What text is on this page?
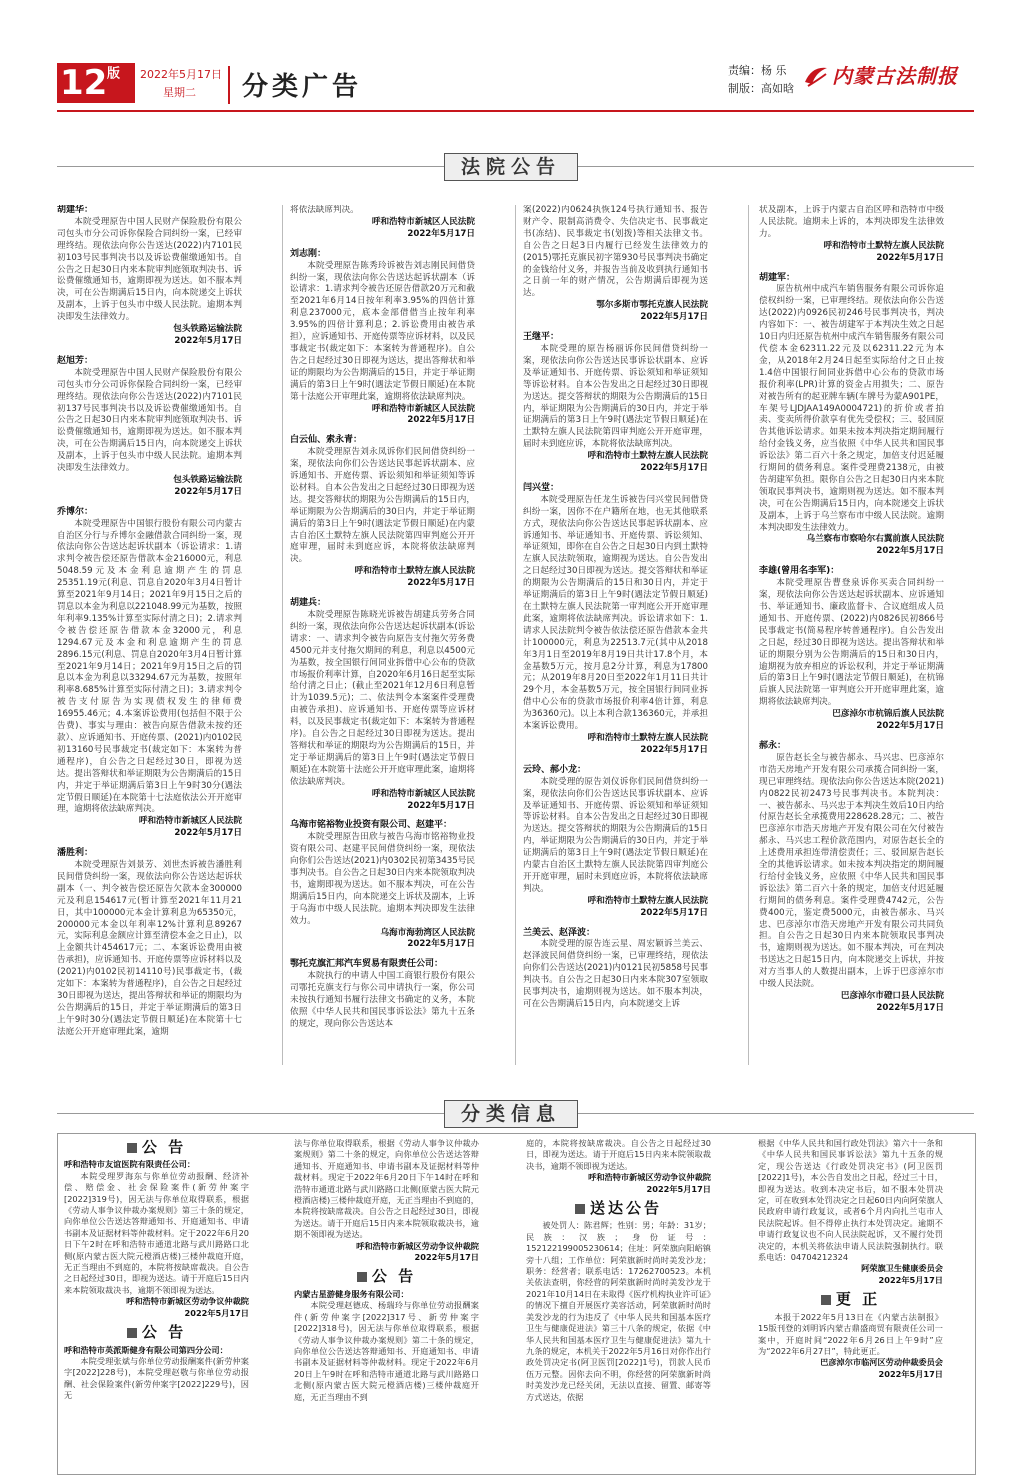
12
版 2022年5月17日
星期二 分类广告
责编：杨 乐
制版：高如晗
内蒙古法制报
法院公告
胡建华：
本院受理原告中国人民财产保险股份有限公司包头市分公司诉你保险合同纠纷一案，已经审理终结。现依法向你公告送达(2022)内7101民初103号民事判决书以及诉讼费催缴通知书。自公告之日起30日内来本院审判庭领取判决书、诉讼费催缴通知书，逾期即视为送达。如不服本判决，可在公告期满后15日内，向本院递交上诉状及副本，上诉于包头市中级人民法院。逾期本判决即发生法律效力。
包头铁路运输法院
2022年5月17日
赵旭芳：
本院受理原告中国人民财产保险股份有限公司包头市分公司诉你保险合同纠纷一案，已经审理终结。现依法向你公告送达(2022)内7101民初137号民事判决书以及诉讼费催缴通知书。自公告之日起30日内来本院审判庭领取判决书、诉讼费催缴通知书，逾期即视为送达。如不服本判决，可在公告期满后15日内，向本院递交上诉状及副本，上诉于包头市中级人民法院。逾期本判决即发生法律效力。
包头铁路运输法院
2022年5月17日
乔博尔：
本院受理原告中国银行股份有限公司内蒙古自治区分行与乔博尔金融借款合同纠纷一案，现依法向你公告送达起诉状副本（诉讼请求：1.请求判令被告偿还原告借款本金216000元，利息5048.59元及本金利息逾期产生的罚息25351.19元(利息、罚息自2020年3月4日暂计算至2021年9月14日；2021年9月15日之后的罚息以本金为利息以221048.99元为基数，按照年利率9.135%计算至实际付清之日)；2.请求判令被告偿还原告借款本金32000元，利息1294.67元及本金和利息逾期产生的罚息2896.15元(利息、罚息自2020年3月4日暂计算至2021年9月14日；2021年9月15日之后的罚息以本金为利息以33294.67元为基数，按照年利率8.685%计算至实际付清之日)；3.请求判令被告支付原告为实现债权发生的律师费16955.46元；4.本案诉讼费用(包括但不限于公告费)、事实与理由：被告向原告借款未按约还款）、应诉通知书、开庭传票、(2021)内0102民初13160号民事裁定书(裁定如下：本案转为普通程序)，自公告之日起经过30日，即视为送达。提出答辩状和举证期限为公告期满后的15日内，并定于举证期满后第3日上午9时30分(遇法定节假日顺延)在本院第十七法庭依法公开开庭审理，逾期将依法缺席判决。
呼和浩特市新城区人民法院
2022年5月17日
潘胜利：
本院受理原告刘景芳、刘世杰诉被告潘胜利民间借贷纠纷一案，现依法向你公告送达起诉状副本（一、判令被告偿还原告欠款本金300000元及利息154617元(暂计算至2021年11月21日，其中100000元本金计算利息为65350元，200000元本金以年利率12%计算利息89267元，实际利息金额应计算至清偿本金之日止)，以上金额共计454617元；二、本案诉讼费用由被告承担)，应诉通知书、开庭传票等应诉材料以及(2021)内0102民初14110号)民事裁定书，(裁定如下：本案转为普通程序)，自公告之日起经过30日即视为送达，提出答辩状和举证的期限均为公告期满后的15日，并定于举证期满后的第3日上午9时30分(遇法定节假日顺延)在本院第十七法庭公开开庭审理此案，逾期
将依法缺席判决。
呼和浩特市新城区人民法院
2022年5月17日
刘志刚：
本院受理原告陈秀玲诉被告刘志刚民间借贷纠纷一案，现依法向你公告送达起诉状副本（诉讼请求：1.请求判令被告还原告借款20万元和截至2021年6月14日按年利率3.95%的四倍计算利息237000元，底本金部借借当止按年利率3.95%的四倍计算利息；2.诉讼费用由被告承担），应诉通知书、开庭传票等应诉材料，以及民事裁定书(裁定如下：本案转为普通程序)。自公告之日起经过30日即视为送达，提出答辩状和举证的期限均为公告期满后的15日，并定于举证期满后的第3日上午9时(遇法定节假日顺延)在本院第十法庭公开审理此案，逾期将依法缺席判决。
呼和浩特市新城区人民法院
2022年5月17日
白云仙、索永青：
本院受理原告刘永凤诉你们民间借贷纠纷一案，现依法向你们公告送达民事起诉状副本、应诉通知书、开庭传票、诉讼须知和举证须知等诉讼材料。自本公告发出之日起经过30日即视为送达。提交答辩状的期限为公告期满后的15日内，举证期限为公告期满后的30日内，并定于举证期满后的第3日上午9时(遇法定节假日顺延)在内蒙古自治区土默特左旗人民法院第四审判庭公开开庭审理，届时未到庭应诉，本院将依法缺席判决。
呼和浩特市土默特左旗人民法院
2022年5月17日
胡建兵：
本院受理原告陈晓光诉被告胡建兵劳务合同纠纷一案，现依法向你公告送达起诉状副本(诉讼请求：一、请求判令被告向原告支付拖欠劳务费4500元并支付拖欠期间的利息，利息以4500元为基数，按全国银行间同业拆借中心公布的贷款市场报价利率计算，自2020年6月16日起至实际给付清之日止；(截止至2021年12月6日利息暂计为1039.5元)；二、依法判令本案案件受理费由被告承担)、应诉通知书、开庭传票等应诉材料，以及民事裁定书(裁定如下：本案转为普通程序)。自公告之日起经过30日即视为送达。提出答辩状和举证的期限均为公告期满后的15日，并定于举证期满后的第3日上午9时(遇法定节假日顺延)在本院第十法庭公开开庭审理此案，逾期将依法缺席判决。
呼和浩特市新城区人民法院
2022年5月17日
乌海市铭裕物业投资有限公司、赵建平：
本院受理原告田欣与被告乌海市铭裕物业投资有限公司、赵建平民间借贷纠纷一案，现依法向你们公告送达(2021)内0302民初第3435号民事判决书。自公告之日起30日内来本院领取判决书，逾期即视为送达。如不服本判决，可在公告期满后15日内，向本院递交上诉状及副本，上诉于乌海市中级人民法院。逾期本判决即发生法律效力。
乌海市海勃湾区人民法院
2022年5月17日
鄂托克旗汇邦汽车贸易有限责任公司：
本院执行的申请人中国工商银行股份有限公司鄂托克旗支行与你公司申请执行一案，你公司未按执行通知书履行法律文书确定的义务，本院依照《中华人民共和国民事诉讼法》第九十五条的规定，现向你公告送达本
案(2022)内0624执恢124号执行通知书、报告财产令、限制高消费令、失信决定书、民事裁定书(冻结)、民事裁定书(划拨)等相关法律文书。自公告之日起3日内履行已经发生法律效力的(2015)鄂托克旗民初字第930号民事判决书确定的金钱给付义务，并报告当前及收到执行通知书之日前一年的财产情况，公告期满后即视为送达。
鄂尔多斯市鄂托克旗人民法院
2022年5月17日
王继平：
本院受理的原告杨丽诉你民间借贷纠纷一案，现依法向你公告送达民事诉讼状副本、应诉及举证通知书、开庭传票、诉讼须知和举证须知等诉讼材料。自本公告发出之日起经过30日即视为送达。提交答辩状的期限为公告期满后的15日内，举证期限为公告期满后的30日内，并定于举证期满后的第3日上午9时(遇法定节假日顺延)在土默特左旗人民法院第四审判庭公开开庭审理，届时未到庭应诉，本院将依法缺席判决。
呼和浩特市土默特左旗人民法院
2022年5月17日
闫兴堂：
本院受理原告任龙生诉被告闫兴堂民间借贷纠纷一案，因你不在户籍所在地，也无其他联系方式，现依法向你公告送达民事起诉状副本、应诉通知书、举证通知书、开庭传票、诉讼须知、举证须知，即你在自公告之日起30日内到土默特左旗人民法院领取，逾期视为送达。自公告发出之日起经过30日即视为送达。提交答辩状和举证的期限为公告期满后的15日和30日内，并定于举证期满后的第3日上午9时(遇法定节假日顺延)在土默特左旗人民法院第一审判庭公开开庭审理此案，逾期将依法缺席判决。诉讼请求如下：1.请求人民法院判令被告依法偿还原告借款本金共计100000元，利息为22513.7元(其中从2018年3月1日至2019年8月19日共计17.8个月，本金基数5万元，按月息2分计算，利息为17800元；从2019年8月20日至2022年1月11日共计29个月，本金基数5万元，按全国银行间同业拆借中心公布的贷款市场报价利率4倍计算，利息为36360元)。以上本利合款136360元，并承担本案诉讼费用。
呼和浩特市土默特左旗人民法院
2022年5月17日
云玲、郝小龙：
本院受理的原告刘仪诉你们民间借贷纠纷一案，现依法向你们公告送达民事诉状副本、应诉及举证通知书、开庭传票、诉讼须知和举证须知等诉讼材料。自本公告发出之日起经过30日即视为送达。提交答辩状的期限为公告期满后的15日内，举证期限为公告期满后的30日内，并定于举证期满后的第3日上午9时(遇法定节假日顺延)在内蒙古自治区土默特左旗人民法院第四审判庭公开开庭审理，届时未到庭应诉，本院将依法缺席判决。
呼和浩特市土默特左旗人民法院
2022年5月17日
兰美云、赵泽波：
本院受理的原告连云星、周宏颖诉兰美云、赵泽波民间借贷纠纷一案，已审理终结，现依法向你们公告送达(2021)内0121民初5858号民事判决书。自公告之日起30日内来本院307室领取民事判决书，逾期则视为送达。如不服本判决，可在公告期满后15日内，向本院递交上诉
状及副本，上诉于内蒙古自治区呼和浩特市中级人民法院。逾期未上诉的，本判决即发生法律效力。
呼和浩特市土默特左旗人民法院
2022年5月17日
胡建军：
原告杭州中成汽车销售服务有限公司诉你追偿权纠纷一案，已审理终结。现依法向你公告送达(2022)内0926民初246号民事判决书，判决内容如下：一、被告胡建军于本判决生效之日起10日内归还原告杭州中成汽车销售服务有限公司代偿本金62311.22元及以62311.22元为本金，从2018年2月24日起至实际给付之日止按1.4倍中国银行间同业拆借中心公布的贷款市场报价利率(LPR)计算的资金占用损失；二、原告对被告所有的起亚牌车辆(车牌号为蒙A901PE，车架号LJDJAA149A0004721)的折价或者拍卖、变卖所得价款享有优先受偿权；三、驳回原告其他诉讼请求。如果未按本判决指定期间履行给付金钱义务，应当依照《中华人民共和国民事诉讼法》第二百六十条之规定，加倍支付迟延履行期间的债务利息。案件受理费2138元，由被告胡建军负担。限你自公告之日起30日内来本院领取民事判决书，逾期则视为送达。如不服本判决，可在公告期满后15日内，向本院递交上诉状及副本，上诉于乌兰察布市中级人民法院。逾期本判决即发生法律效力。
乌兰察布市察哈尔右翼前旗人民法院
2022年5月17日
李雄(曾用名李军)：
本院受理原告曹登泉诉你买卖合同纠纷一案，现依法向你公告送达起诉状副本、应诉通知书、举证通知书、廉政监督卡、合议庭组成人员通知书、开庭传票、(2022)内0826民初866号民事裁定书(简易程序转普通程序)。自公告发出之日起，经过30日即视为送达。提出答辩状和举证的期限分别为公告期满后的15日和30日内，逾期视为放弃相应的诉讼权利，并定于举证期满后的第3日上午9时(遇法定节假日顺延)，在杭锦后旗人民法院第一审判庭公开开庭审理此案，逾期将依法缺席判决。
巴彦淖尔市杭锦后旗人民法院
2022年5月17日
郝永：
原告赵长全与被告郝永、马兴忠、巴彦淖尔市浩天房地产开发有限公司承揽合同纠纷一案，现已审理终结。现依法向你公告送达本院(2021)内0822民初2473号民事判决书。本院判决：一、被告郝永、马兴忠于本判决生效后10日内给付原告赵长全承揽费用228628.28元；二、被告巴彦淖尔市浩天房地产开发有限公司在欠付被告郝永、马兴忠工程价款范围内，对原告赵长全的上述费用承担连带清偿责任；三、驳回原告赵长全的其他诉讼请求。如未按本判决指定的期间履行给付金钱义务，应依照《中华人民共和国民事诉讼法》第二百六十条的规定，加倍支付迟延履行期间的债务利息。案件受理费4742元，公告费400元，鉴定费5000元，由被告郝永、马兴忠、巴彦淖尔市浩天房地产开发有限公司共同负担。自公告之日起30日内来本院领取民事判决书，逾期则视为送达。如不服本判决，可在判决书送达之日起15日内，向本院递交上诉状，并按对方当事人的人数提出副本，上诉于巴彦淖尔市中级人民法院。
巴彦淖尔市磴口县人民法院
2022年5月17日
分类信息
公 告
呼和浩特市友谊医院有限责任公司：
本院受理罗海东与你单位劳动报酬、经济补偿、赔偿金、社会保险案件(新劳仲案字[2022]319号)，因无法与你单位取得联系，根据《劳动人事争议仲裁办案规则》第三十条的规定，向你单位公告送达答辩通知书、开庭通知书、申请书副本及证据材料等仲裁材料。定于2022年6月20日下午2时在呼和浩特市通道北路与武川路路口北侧(原内蒙古医大院元橙酒店楼)三楼仲裁庭开庭，无正当理由不到庭的，本院将按缺席裁决。自公告之日起经过30日，即视为送达。请于开庭后15日内来本院领取裁决书，逾期不领即视为送达。
呼和浩特市新城区劳动争议仲裁院
2022年5月17日
公 告
呼和浩特市英派斯健身有限公司第四分公司：
本院受理张斌与你单位劳动报酬案件(新劳仲案字[2022]228号)，本院受理赵敬与你单位劳动报酬、社会保险案件(新劳仲案字[2022]229号)，因无
法与你单位取得联系，根据《劳动人事争议仲裁办案规则》第二十条的规定，向你单位公告送达答辩通知书、开庭通知书、申请书副本及证据材料等仲裁材料。现定于2022年6月20日下午14时在呼和浩特市通道北路与武川路路口北侧(原蒙古医大院元橙酒店楼)三楼仲裁庭开庭，无正当理由不到庭的，本院将按缺席裁决。自公告之日起经过30日，即视为送达。请于开庭后15日内来本院领取裁决书，逾期不领即视为送达。
呼和浩特市新城区劳动争议仲裁院
2022年5月17日
公 告
内蒙古星游健身服务有限公司：
本院受理赵德成、杨瑞玲与你单位劳动报酬案件(新劳仲案字[2022]317号、新劳仲案字[2022]318号)，因无法与你单位取得联系，根据《劳动人事争议仲裁办案规则》第二十条的规定，向你单位公告送达答辩通知书、开庭通知书、申请书副本及证据材料等仲裁材料。现定于2022年6月20日上午9时在呼和浩特市通道北路与武川路路口北侧(原内蒙古医大院元橙酒店楼)三楼仲裁庭开庭，无正当理由不到
庭的，本院将按缺席裁决。自公告之日起经过30日，即视为送达。请于开庭后15日内来本院领取裁决书，逾期不领即视为送达。
呼和浩特市新城区劳动争议仲裁院
2022年5月17日
送达公告
被处罚人：陈君辉；性别：男；年龄：31岁；民族：汉族；身份证号：152122199005230614；住址：阿荣旗向阳峪镇旁十八组；工作单位：阿荣旗新时尚时美发沙龙；职务：经营者；联系电话：17262700523。本机关依法查明，你经营的阿荣旗新时尚时美发沙龙于2021年10月14日在未取得《医疗机构执业许可证》的情况下擅自开展医疗美容活动，阿荣旗新时尚时美发沙龙的行为违反了《中华人民共和国基本医疗卫生与健康促进法》第三十八条的规定，依据《中华人民共和国基本医疗卫生与健康促进法》第九十九条的规定，本机关于2022年5月16日对你作出行政处罚决定书(阿卫医罚[2022]1号)，罚款人民币伍万元整。因你去向不明，你经营的阿荣旗新时尚时美发沙龙已经关闭，无法以直接、留置、邮寄等方式送达，依据
根据《中华人民共和国行政处罚法》第六十一条和《中华人民共和国民事诉讼法》第九十五条的规定，现公告送达《行政处罚决定书》(阿卫医罚[2022]1号)，本公告自发出之日起，经过三十日，即视为送达。收到本决定书后，如不服本处罚决定，可在收到本处罚决定之日起60日内向阿荣旗人民政府申请行政复议，或者6个月内向扎兰屯市人民法院起诉。但不得停止执行本处罚决定。逾期不申请行政复议也不向人民法院起诉，又不履行处罚决定的，本机关将依法申请人民法院强制执行。联系电话：04704212324
阿荣旗卫生健康委员会
2022年5月17日
更 正
本报于2022年5月13日在《内蒙古法制报》15版刊登的刘明诉内蒙古鼎盛商贸有限责任公司一案中，开庭时间“2022年6月26日上午9时”应为“2022年6月27日”，特此更正。
巴彦淖尔市临河区劳动仲裁委员会
2022年5月17日
